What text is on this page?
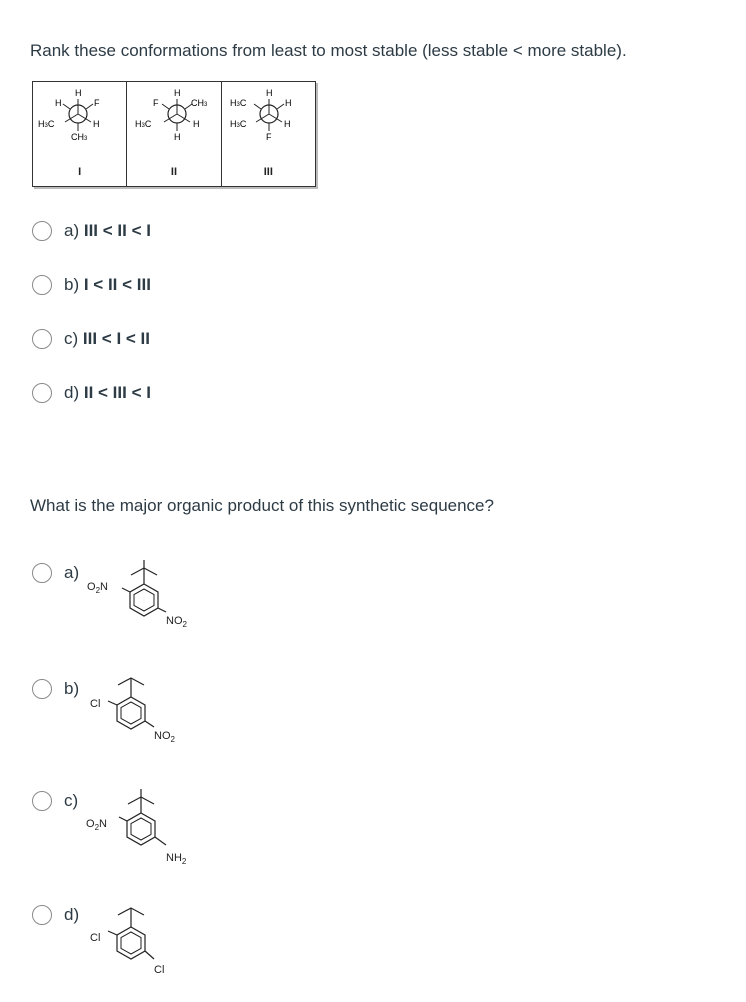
Rank these conformations from least to most stable (less stable < more stable).
H
H	F
H3C	H
CH3
I
H
F	CH3
H3C	H
H
II
H
H3C	H
H3C	H
F
III
a) III < II < I
b) I < II < III
c) III < I < II
d) II < III < I
What is the major organic product of this synthetic sequence?
a)
$O_2N$
$NO_2$
b)
Cl
$NO_2$
c)
$O_2N$
$NH_2$
d)
Cl
Cl
